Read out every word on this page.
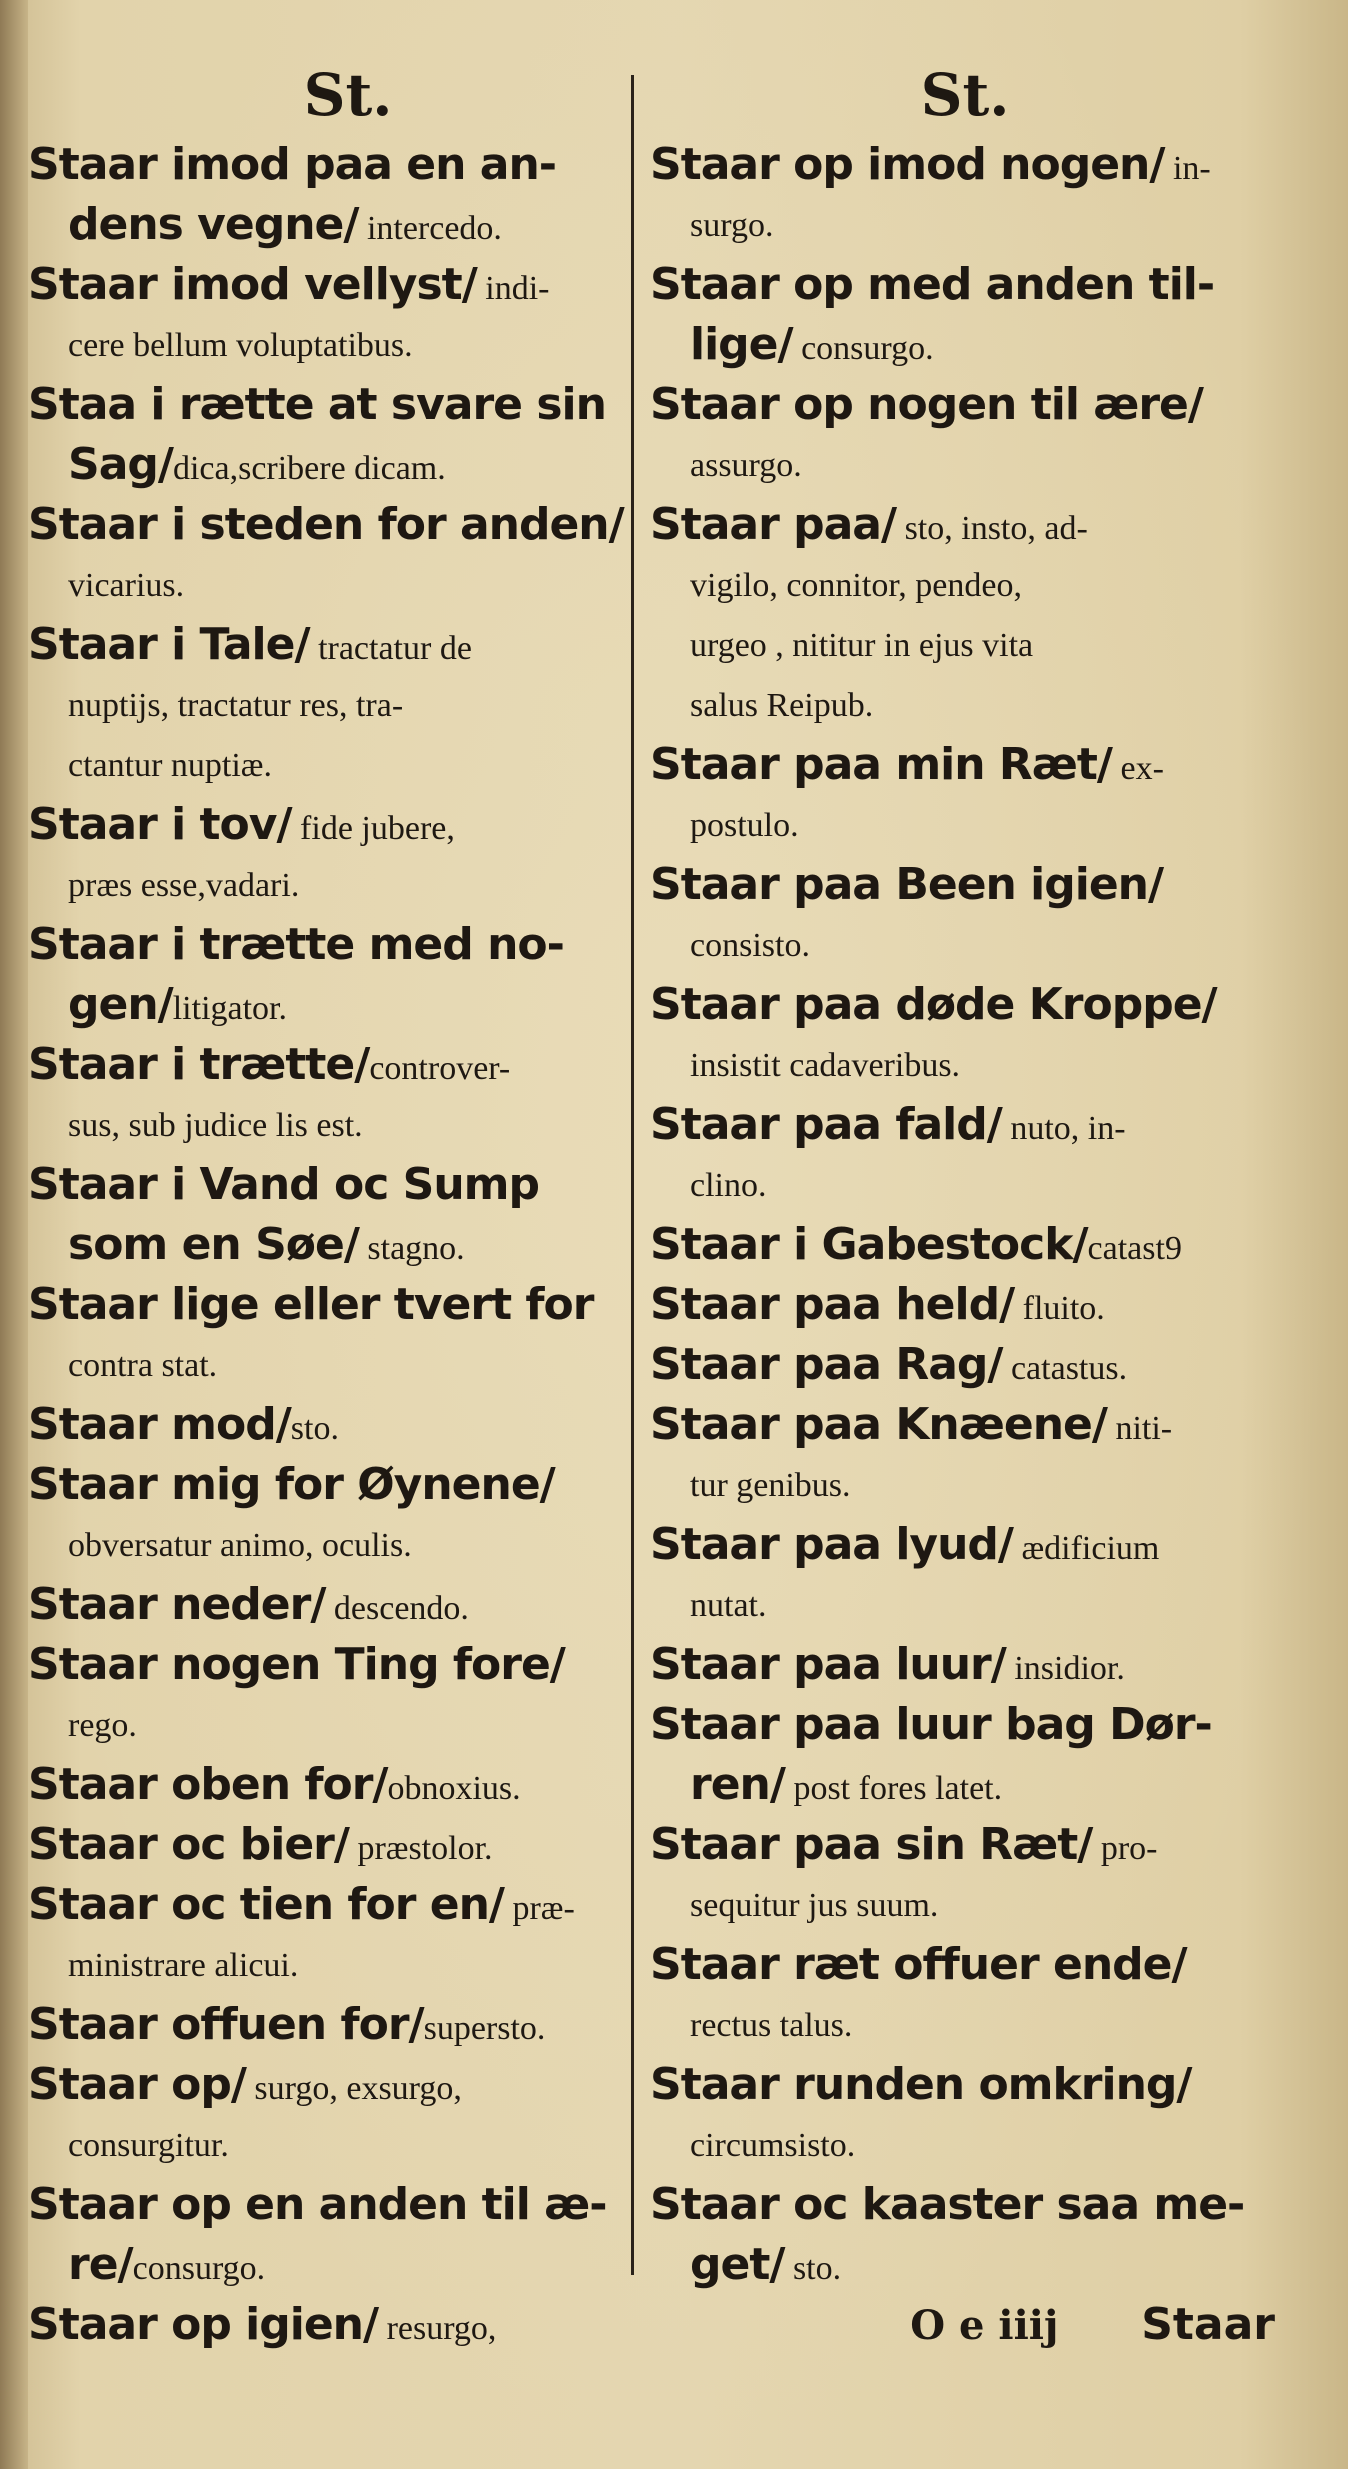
St.
Staar imod paa en an-
dens vegne/ intercedo.
Staar imod vellyst/ indi-
cere bellum voluptatibus.
Staa i rætte at svare sin
Sag/dica,scribere dicam.
Staar i steden for anden/
vicarius.
Staar i Tale/ tractatur de
nuptijs, tractatur res, tra-
ctantur nuptiæ.
Staar i tov/ fide jubere,
præs esse,vadari.
Staar i trætte med no-
gen/litigator.
Staar i trætte/controver-
sus, sub judice lis est.
Staar i Vand oc Sump
som en Søe/ stagno.
Staar lige eller tvert for
contra stat.
Staar mod/sto.
Staar mig for Øynene/
obversatur animo, oculis.
Staar neder/ descendo.
Staar nogen Ting fore/
rego.
Staar oben for/obnoxius.
Staar oc bier/ præstolor.
Staar oc tien for en/ præ-
ministrare alicui.
Staar offuen for/supersto.
Staar op/ surgo, exsurgo,
consurgitur.
Staar op en anden til æ-
re/consurgo.
Staar op igien/ resurgo,
St.
Staar op imod nogen/ in-
surgo.
Staar op med anden til-
lige/ consurgo.
Staar op nogen til ære/
assurgo.
Staar paa/ sto, insto, ad-
vigilo, connitor, pendeo,
urgeo , nititur in ejus vita
salus Reipub.
Staar paa min Ræt/ ex-
postulo.
Staar paa Been igien/
consisto.
Staar paa døde Kroppe/
insistit cadaveribus.
Staar paa fald/ nuto, in-
clino.
Staar i Gabestock/catast9
Staar paa held/ fluito.
Staar paa Rag/ catastus.
Staar paa Knæene/ niti-
tur genibus.
Staar paa lyud/ ædificium
nutat.
Staar paa luur/ insidior.
Staar paa luur bag Dør-
ren/ post fores latet.
Staar paa sin Ræt/ pro-
sequitur jus suum.
Staar ræt offuer ende/
rectus talus.
Staar runden omkring/
circumsisto.
Staar oc kaaster saa me-
get/ sto.
O e iiij Staar
